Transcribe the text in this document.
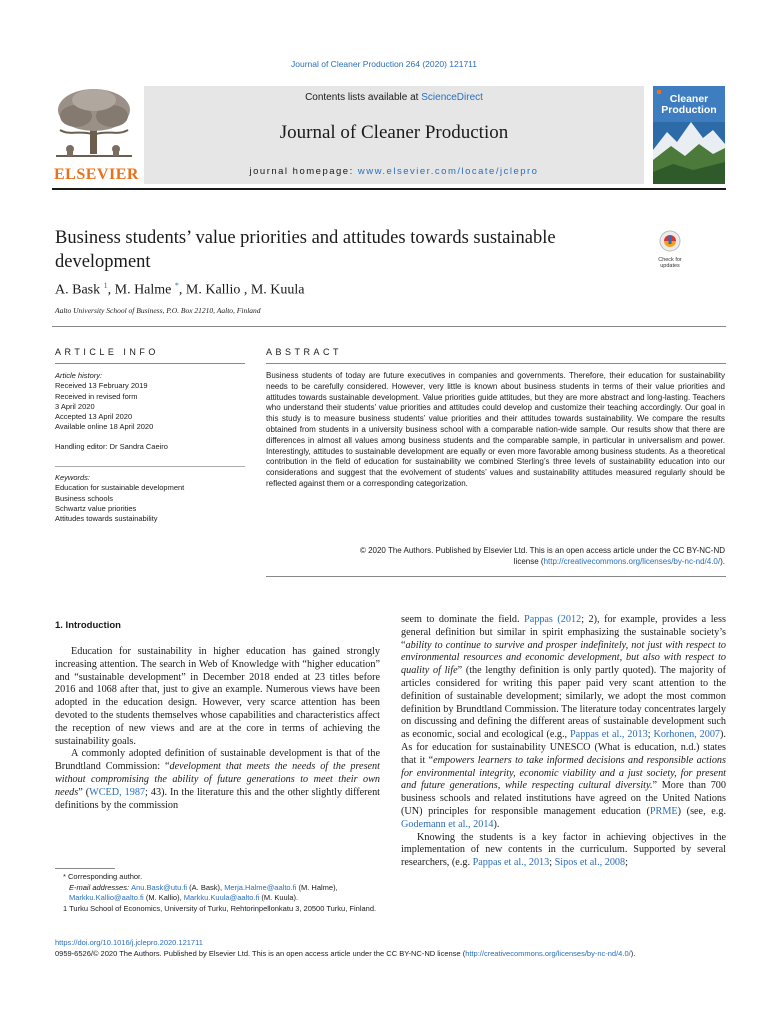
Journal of Cleaner Production 264 (2020) 121711
ELSEVIER
Contents lists available at ScienceDirect
Journal of Cleaner Production
journal homepage: www.elsevier.com/locate/jclepro
Cleaner
Production
Business students’ value priorities and attitudes towards sustainable
development	Check for
updates
A. Bask $^1$, M. Halme *, M. Kallio , M. Kuula
Aalto University School of Business, P.O. Box 21210, Aalto, Finland
ARTICLE INFO	ABSTRACT
Article history:
Received 13 February 2019
Received in revised form
3 April 2020
Accepted 13 April 2020
Available online 18 April 2020
Handling editor: Dr Sandra Caeiro
Keywords:
Education for sustainable development
Business schools
Schwartz value priorities
Attitudes towards sustainability
Business students of today are future executives in companies and governments. Therefore, their education for sustainability needs to be carefully considered. However, very little is known about business students in terms of their value priorities and attitudes towards sustainable development. Value priorities guide attitudes, but they are more abstract and long-lasting. Teachers who understand their students’ value priorities and attitudes could develop and customize their teaching accordingly. Our goal in this study is to measure business students’ value priorities and their attitudes towards sustainability. We compare the results obtained from students in a university business school with a comparable nation-wide sample. Our results show that there are differences in almost all values among business students and the comparable sample, in particular in universalism and power. Interestingly, attitudes to sustainable development are equally or even more favorable among business students. As a theoretical contribution in the field of education for sustainability we combined Sterling’s three levels of sustainability education into our considerations and suggest that the evolvement of students’ values and sustainability attitudes measured regularly should be reflected against them or a corresponding categorization.
© 2020 The Authors. Published by Elsevier Ltd. This is an open access article under the CC BY-NC-ND
license (http://creativecommons.org/licenses/by-nc-nd/4.0/).
1. Introduction

Education for sustainability in higher education has gained strongly increasing attention. The search in Web of Knowledge with “higher education” and “sustainable development” in December 2018 ended at 23 titles before 2016 and 1068 after that, just to give an example. Numerous views have been adopted in the education design. However, very scarce attention has been devoted to the students themselves whose capabilities and characteristics affect the reception of new views and are at the core in terms of achieving the sustainability goals.

A commonly adopted definition of sustainable development is that of the Brundtland Commission: “development that meets the needs of the present without compromising the ability of future generations to meet their own needs” (WCED, 1987; 43). In the literature this and the other slightly different definitions by the commission

seem to dominate the field. Pappas (2012; 2), for example, provides a less general definition but similar in spirit emphasizing the sustainable society’s “ability to continue to survive and prosper indefinitely, not just with respect to environmental resources and economic development, but also with respect to quality of life” (the lengthy definition is only partly quoted). The majority of articles considered for writing this paper paid very scant attention to the definition of sustainable development; similarly, we adopt the most common definition by Brundtland Commission. The literature today concentrates largely on discussing and defining the different areas of sustainable development such as economic, social and ecological (e.g., Pappas et al., 2013; Korhonen, 2007). As for education for sustainability UNESCO (What is education, n.d.) states that it “empowers learners to take informed decisions and responsible actions for environmental integrity, economic viability and a just society, for present and future generations, while respecting cultural diversity.” More than 700 business schools and related institutions have agreed on the United Nations (UN) principles for responsible management education (PRME) (see, e.g. Godemann et al., 2014).

Knowing the students is a key factor in achieving objectives in the implementation of new contents in the curriculum. Supported by several researchers, (e.g. Pappas et al., 2013; Sipos et al., 2008;

* Corresponding author.
E-mail addresses: Anu.Bask@utu.fi (A. Bask), Merja.Halme@aalto.fi (M. Halme), Markku.Kallio@aalto.fi (M. Kallio), Markku.Kuula@aalto.fi (M. Kuula).
1 Turku School of Economics, University of Turku, Rehtorinpellonkatu 3, 20500 Turku, Finland.
https://doi.org/10.1016/j.jclepro.2020.121711
0959-6526/© 2020 The Authors. Published by Elsevier Ltd. This is an open access article under the CC BY-NC-ND license (http://creativecommons.org/licenses/by-nc-nd/4.0/).
